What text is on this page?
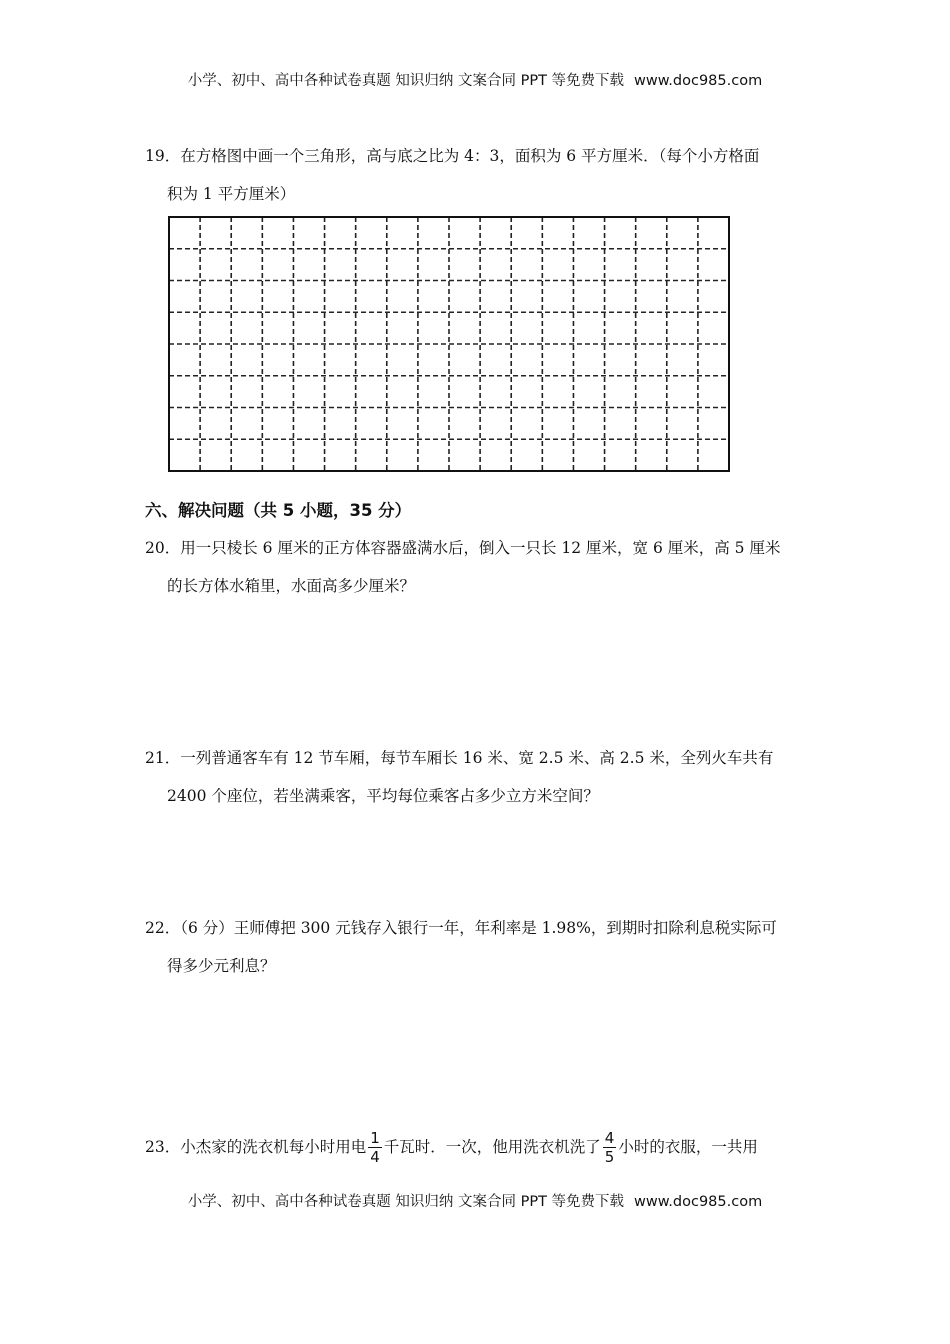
小学、初中、高中各种试卷真题 知识归纳 文案合同 PPT 等免费下载 www.doc985.com
19．在方格图中画一个三角形，高与底之比为 4：3，面积为 6 平方厘米．（每个小方格面
积为 1 平方厘米）
六、解决问题（共 5 小题，35 分）
20．用一只棱长 6 厘米的正方体容器盛满水后，倒入一只长 12 厘米，宽 6 厘米，高 5 厘米
的长方体水箱里，水面高多少厘米？
21．一列普通客车有 12 节车厢，每节车厢长 16 米、宽 2.5 米、高 2.5 米，全列火车共有
2400 个座位，若坐满乘客，平均每位乘客占多少立方米空间？
22．（6 分）王师傅把 300 元钱存入银行一年，年利率是 1.98%，到期时扣除利息税实际可
得多少元利息？
23．小杰家的洗衣机每小时用电 $\frac{1}{4}$ 千瓦时．一次，他用洗衣机洗了 $\frac{4}{5}$ 小时的衣服，一共用
小学、初中、高中各种试卷真题 知识归纳 文案合同 PPT 等免费下载 www.doc985.com
